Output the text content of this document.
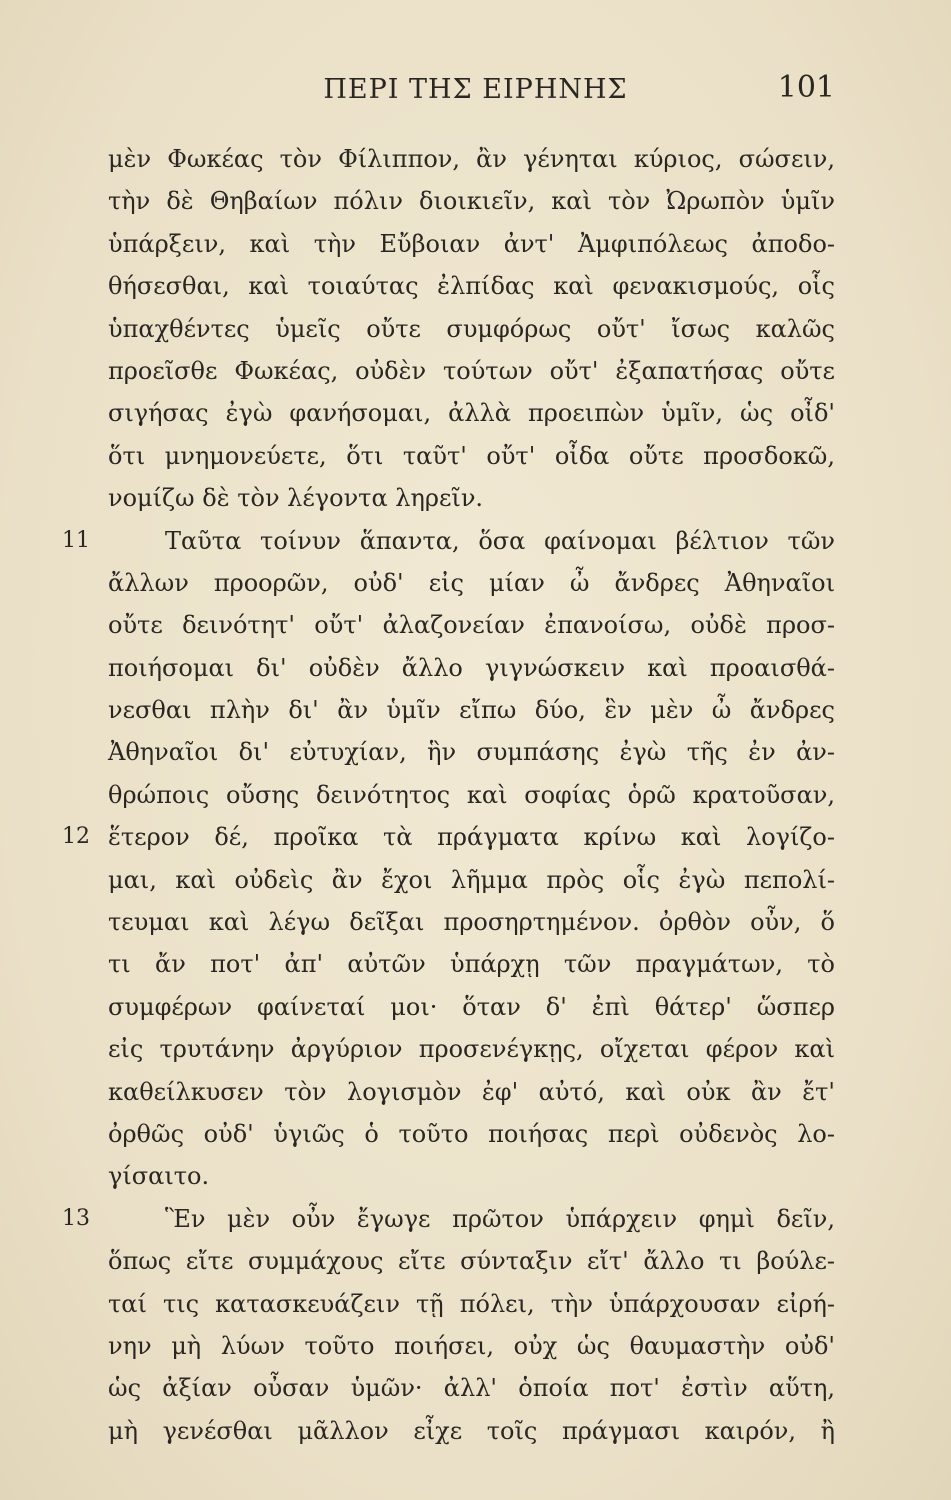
ΠΕΡΙ ΤΗΣ ΕΙΡΗΝΗΣ	101
μὲν Φωκέας τὸν Φίλιππον, ἂν γένηται κύριος, σώσειν,
τὴν δὲ Θηβαίων πόλιν διοικιεῖν, καὶ τὸν Ὠρωπὸν ὑμῖν
ὑπάρξειν, καὶ τὴν Εὔβοιαν ἀντ' Ἀμφιπόλεως ἀποδο-
θήσεσθαι, καὶ τοιαύτας ἐλπίδας καὶ φενακισμούς, οἷς
ὑπαχθέντες ὑμεῖς οὔτε συμφόρως οὔτ' ἴσως καλῶς
προεῖσθε Φωκέας, οὐδὲν τούτων οὔτ' ἐξαπατήσας οὔτε
σιγήσας ἐγὼ φανήσομαι, ἀλλὰ προειπὼν ὑμῖν, ὡς οἶδ'
ὅτι μνημονεύετε, ὅτι ταῦτ' οὔτ' οἶδα οὔτε προσδοκῶ,
νομίζω δὲ τὸν λέγοντα ληρεῖν.
11	Ταῦτα τοίνυν ἅπαντα, ὅσα φαίνομαι βέλτιον τῶν
ἄλλων προορῶν, οὐδ' εἰς μίαν ὦ ἄνδρες Ἀθηναῖοι
οὔτε δεινότητ' οὔτ' ἀλαζονείαν ἐπανοίσω, οὐδὲ προσ-
ποιήσομαι δι' οὐδὲν ἄλλο γιγνώσκειν καὶ προαισθά-
νεσθαι πλὴν δι' ἂν ὑμῖν εἴπω δύο, ἓν μὲν ὦ ἄνδρες
Ἀθηναῖοι δι' εὐτυχίαν, ἣν συμπάσης ἐγὼ τῆς ἐν ἀν-
θρώποις οὔσης δεινότητος καὶ σοφίας ὁρῶ κρατοῦσαν,
12 ἕτερον δέ, προῖκα τὰ πράγματα κρίνω καὶ λογίζο-
μαι, καὶ οὐδεὶς ἂν ἔχοι λῆμμα πρὸς οἷς ἐγὼ πεπολί-
τευμαι καὶ λέγω δεῖξαι προσηρτημένον. ὀρθὸν οὖν, ὅ
τι ἄν ποτ' ἀπ' αὐτῶν ὑπάρχῃ τῶν πραγμάτων, τὸ
συμφέρων φαίνεταί μοι· ὅταν δ' ἐπὶ θάτερ' ὥσπερ
εἰς τρυτάνην ἀργύριον προσενέγκῃς, οἴχεται φέρον καὶ
καθείλκυσεν τὸν λογισμὸν ἐφ' αὐτό, καὶ οὐκ ἂν ἔτ'
ὀρθῶς οὐδ' ὑγιῶς ὁ τοῦτο ποιήσας περὶ οὐδενὸς λο-
γίσαιτο.
13	Ἓν μὲν οὖν ἔγωγε πρῶτον ὑπάρχειν φημὶ δεῖν,
ὅπως εἴτε συμμάχους εἴτε σύνταξιν εἴτ' ἄλλο τι βούλε-
ταί τις κατασκευάζειν τῇ πόλει, τὴν ὑπάρχουσαν εἰρή-
νην μὴ λύων τοῦτο ποιήσει, οὐχ ὡς θαυμαστὴν οὐδ'
ὡς ἀξίαν οὖσαν ὑμῶν· ἀλλ' ὁποία ποτ' ἐστὶν αὕτη,
μὴ γενέσθαι μᾶλλον εἶχε τοῖς πράγμασι καιρόν, ἢ
